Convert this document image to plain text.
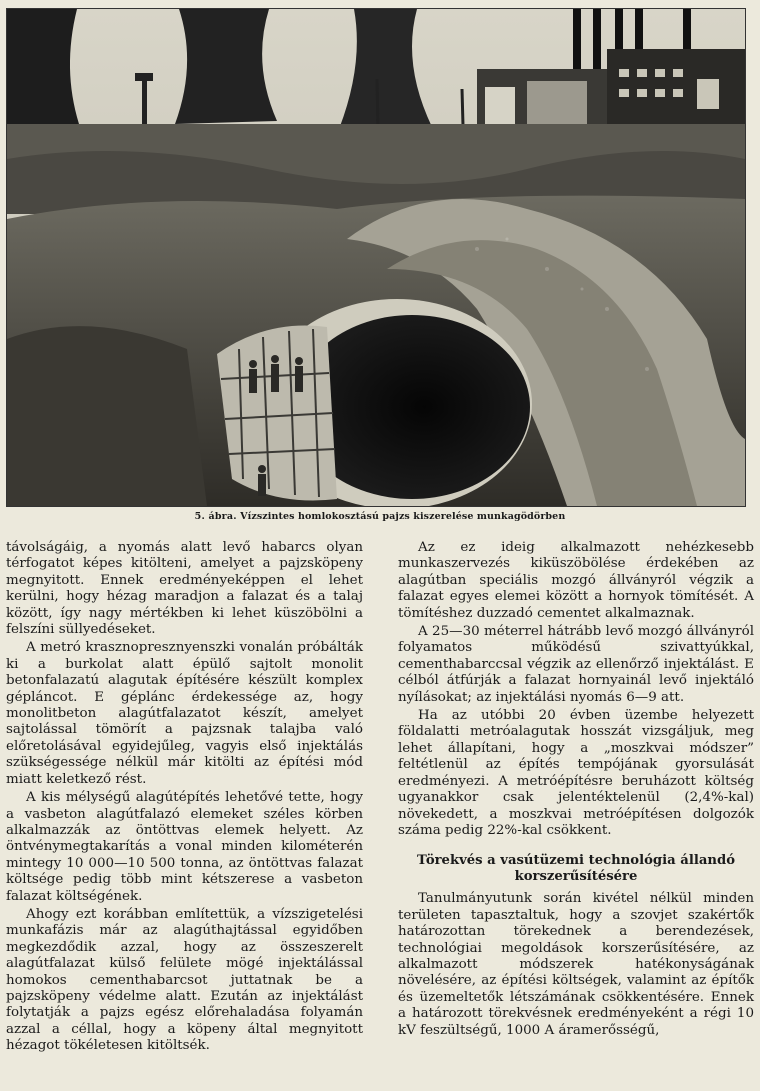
5. ábra. Vízszintes homlokosztású pajzs kiszerelése munkagödörben

távolságáig, a nyomás alatt levő habarcs olyan térfogatot képes kitölteni, amelyet a pajzsköpeny megnyitott. Ennek eredményeképpen el lehet kerülni, hogy hézag maradjon a falazat és a talaj között, így nagy mértékben ki lehet küszöbölni a felszíni süllyedéseket.

A metró krasznopresznyenszki vonalán próbálták ki a burkolat alatt épülő sajtolt monolit betonfalazatú alagutak építésére készült komplex gépláncot. E géplánc érdekessége az, hogy monolitbeton alagútfalazatot készít, amelyet sajtolással tömörít a pajzsnak talajba való előretolásával egyidejűleg, vagyis első injektálás szükségessége nélkül már kitölti az építési mód miatt keletkező rést.

A kis mélységű alagútépítés lehetővé tette, hogy a vasbeton alagútfalazó elemeket széles körben alkalmazzák az öntöttvas elemek helyett. Az öntvénymegtakarítás a vonal minden kilométerén mintegy 10 000—10 500 tonna, az öntöttvas falazat költsége pedig több mint kétszerese a vasbeton falazat költségének.

Ahogy ezt korábban említettük, a vízszigetelési munkafázis már az alagúthajtással egyidőben megkezdődik azzal, hogy az összeszerelt alagútfalazat külső felülete mögé injektálással homokos cementhabarcsot juttatnak be a pajzsköpeny védelme alatt. Ezután az injektálást folytatják a pajzs egész előrehaladása folyamán azzal a céllal, hogy a köpeny által megnyitott hézagot tökéletesen kitöltsék.

Az ez ideig alkalmazott nehézkesebb munkaszervezés kiküszöbölése érdekében az alagútban speciális mozgó állványról végzik a falazat egyes elemei között a hornyok tömítését. A tömítéshez duzzadó cementet alkalmaznak.

A 25—30 méterrel hátrább levő mozgó állványról folyamatos működésű szivattyúkkal, cementhabarccsal végzik az ellenőrző injektálást. E célból átfúrják a falazat hornyainál levő injektáló nyílásokat; az injektálási nyomás 6—9 att.

Ha az utóbbi 20 évben üzembe helyezett földalatti metróalagutak hosszát vizsgáljuk, meg lehet állapítani, hogy a „moszkvai módszer” feltétlenül az építés tempójának gyorsulását eredményezi. A metróépítésre beruházott költség ugyanakkor csak jelentéktelenül (2,4%-kal) növekedett, a moszkvai metróépítésen dolgozók száma pedig 22%-kal csökkent.

Törekvés a vasútüzemi technológia állandó korszerűsítésére

Tanulmányutunk során kivétel nélkül minden területen tapasztaltuk, hogy a szovjet szakértők határozottan törekednek a berendezések, technológiai megoldások korszerűsítésére, az alkalmazott módszerek hatékonyságának növelésére, az építési költségek, valamint az építők és üzemeltetők létszámának csökkentésére. Ennek a határozott törekvésnek eredményeként a régi 10 kV feszültségű, 1000 A áramerősségű,
